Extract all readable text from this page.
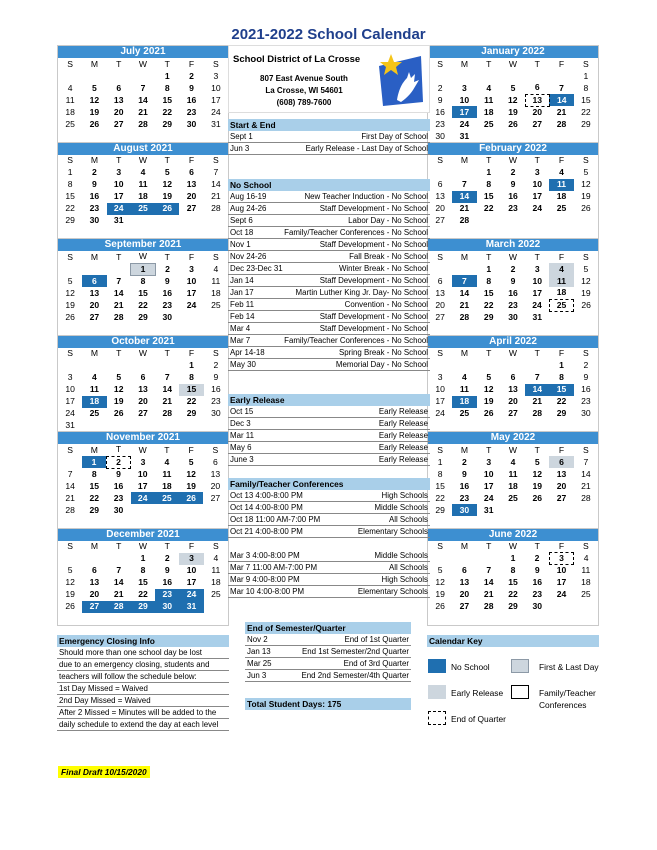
2021-2022 School Calendar
July 2021
S	M	T	W	T	F	S
				1	2	3
4	5	6	7	8	9	10
11	12	13	14	15	16	17
18	19	20	21	22	23	24
25	26	27	28	29	30	31

August 2021
S	M	T	W	T	F	S
1	2	3	4	5	6	7
8	9	10	11	12	13	14
15	16	17	18	19	20	21
22	23	24	25	26	27	28
29	30	31				

September 2021
S	M	T	W	T	F	S
			1	2	3	4
5	6	7	8	9	10	11
12	13	14	15	16	17	18
19	20	21	22	23	24	25
26	27	28	29	30		

October 2021
S	M	T	W	T	F	S
					1	2
3	4	5	6	7	8	9
10	11	12	13	14	15	16
17	18	19	20	21	22	23
24	25	26	27	28	29	30
31						
November 2021
S	M	T	W	T	F	S
	1	2	3	4	5	6
7	8	9	10	11	12	13
14	15	16	17	18	19	20
21	22	23	24	25	26	27
28	29	30				

December 2021
S	M	T	W	T	F	S
			1	2	3	4
5	6	7	8	9	10	11
12	13	14	15	16	17	18
19	20	21	22	23	24	25
26	27	28	29	30	31	

January 2022
S	M	T	W	T	F	S
						1
2	3	4	5	6	7	8
9	10	11	12	13	14	15
16	17	18	19	20	21	22
23	24	25	26	27	28	29
30	31					
February 2022
S	M	T	W	T	F	S
		1	2	3	4	5
6	7	8	9	10	11	12
13	14	15	16	17	18	19
20	21	22	23	24	25	26
27	28					

March 2022
S	M	T	W	T	F	S
		1	2	3	4	5
6	7	8	9	10	11	12
13	14	15	16	17	18	19
20	21	22	23	24	25	26
27	28	29	30	31		

April 2022
S	M	T	W	T	F	S
					1	2
3	4	5	6	7	8	9
10	11	12	13	14	15	16
17	18	19	20	21	22	23
24	25	26	27	28	29	30

May 2022
S	M	T	W	T	F	S
1	2	3	4	5	6	7
8	9	10	11	12	13	14
15	16	17	18	19	20	21
22	23	24	25	26	27	28
29	30	31				

June 2022
S	M	T	W	T	F	S
			1	2	3	4
5	6	7	8	9	10	11
12	13	14	15	16	17	18
19	20	21	22	23	24	25
26	27	28	29	30		

School District of La Crosse
807 East Avenue South
La Crosse, WI 54601
(608) 789-7600
Start & End
Sept 1	First Day of School
Jun 3	Early Release - Last Day of School
No School
Aug 16-19	New Teacher Induction - No School
Aug 24-26	Staff Development - No School
Sept 6	Labor Day - No School
Oct 18	Family/Teacher Conferences - No School
Nov 1	Staff Development - No School
Nov 24-26	Fall Break - No School
Dec 23-Dec 31	Winter Break - No School
Jan 14	Staff Development - No School
Jan 17	Martin Luther King Jr. Day- No School
Feb 11	Convention - No School
Feb 14	Staff Development - No School
Mar 4	Staff Development - No School
Mar 7	Family/Teacher Conferences - No School
Apr 14-18	Spring Break - No School
May 30	Memorial Day - No School
Early Release
Oct 15	Early Release
Dec 3	Early Release
Mar 11	Early Release
May 6	Early Release
June 3	Early Release
Family/Teacher Conferences
Oct 13 4:00-8:00 PM	High Schools
Oct 14 4:00-8:00 PM	Middle Schools
Oct 18 11:00 AM-7:00 PM	All Schools
Oct 21 4:00-8:00 PM	Elementary Schools
Mar 3 4:00-8:00 PM	Middle Schools
Mar 7 11:00 AM-7:00 PM	All Schools
Mar 9 4:00-8:00 PM	High Schools
Mar 10 4:00-8:00 PM	Elementary Schools
Emergency Closing Info
Should more than one school day be lost
due to an emergency closing, students and
teachers will follow the schedule below:
1st Day Missed = Waived
2nd Day Missed = Waived
After 2 Missed = Minutes will be added to the
daily schedule to extend the day at each level
End of Semester/Quarter
Nov 2	End of 1st Quarter
Jan 13	End 1st Semester/2nd Quarter
Mar 25	End of 3rd Quarter
Jun 3	End 2nd Semester/4th Quarter
Total Student Days: 175
Calendar Key
No School	First & Last Day
Early Release	Family/Teacher
Conferences
End of Quarter
Final Draft 10/15/2020
